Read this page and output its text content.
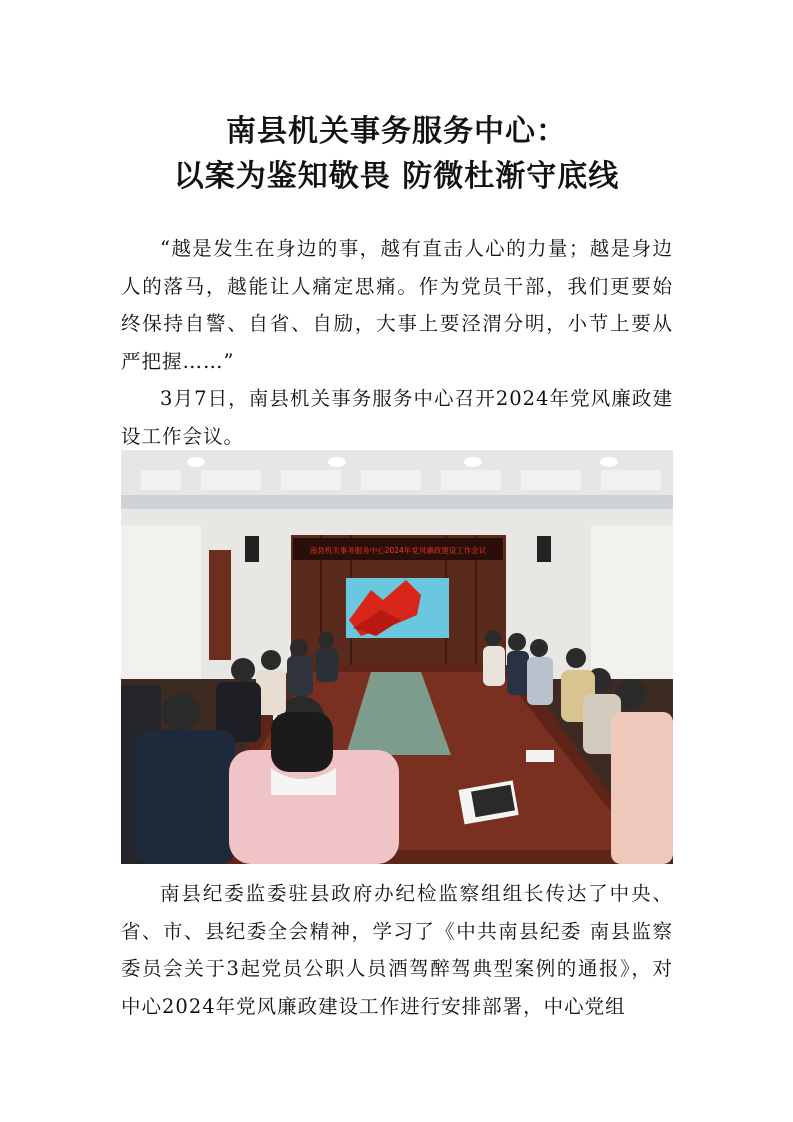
南县机关事务服务中心：
以案为鉴知敬畏 防微杜渐守底线

“越是发生在身边的事，越有直击人心的力量；越是身边人的落马，越能让人痛定思痛。作为党员干部，我们更要始终保持自警、自省、自励，大事上要泾渭分明，小节上要从严把握……”

3月7日，南县机关事务服务中心召开2024年党风廉政建设工作会议。

南县机关事务服务中心2024年党风廉政建设工作会议

南县纪委监委驻县政府办纪检监察组组长传达了中央、省、市、县纪委全会精神，学习了《中共南县纪委 南县监察委员会关于3起党员公职人员酒驾醉驾典型案例的通报》，对中心2024年党风廉政建设工作进行安排部署，中心党组
